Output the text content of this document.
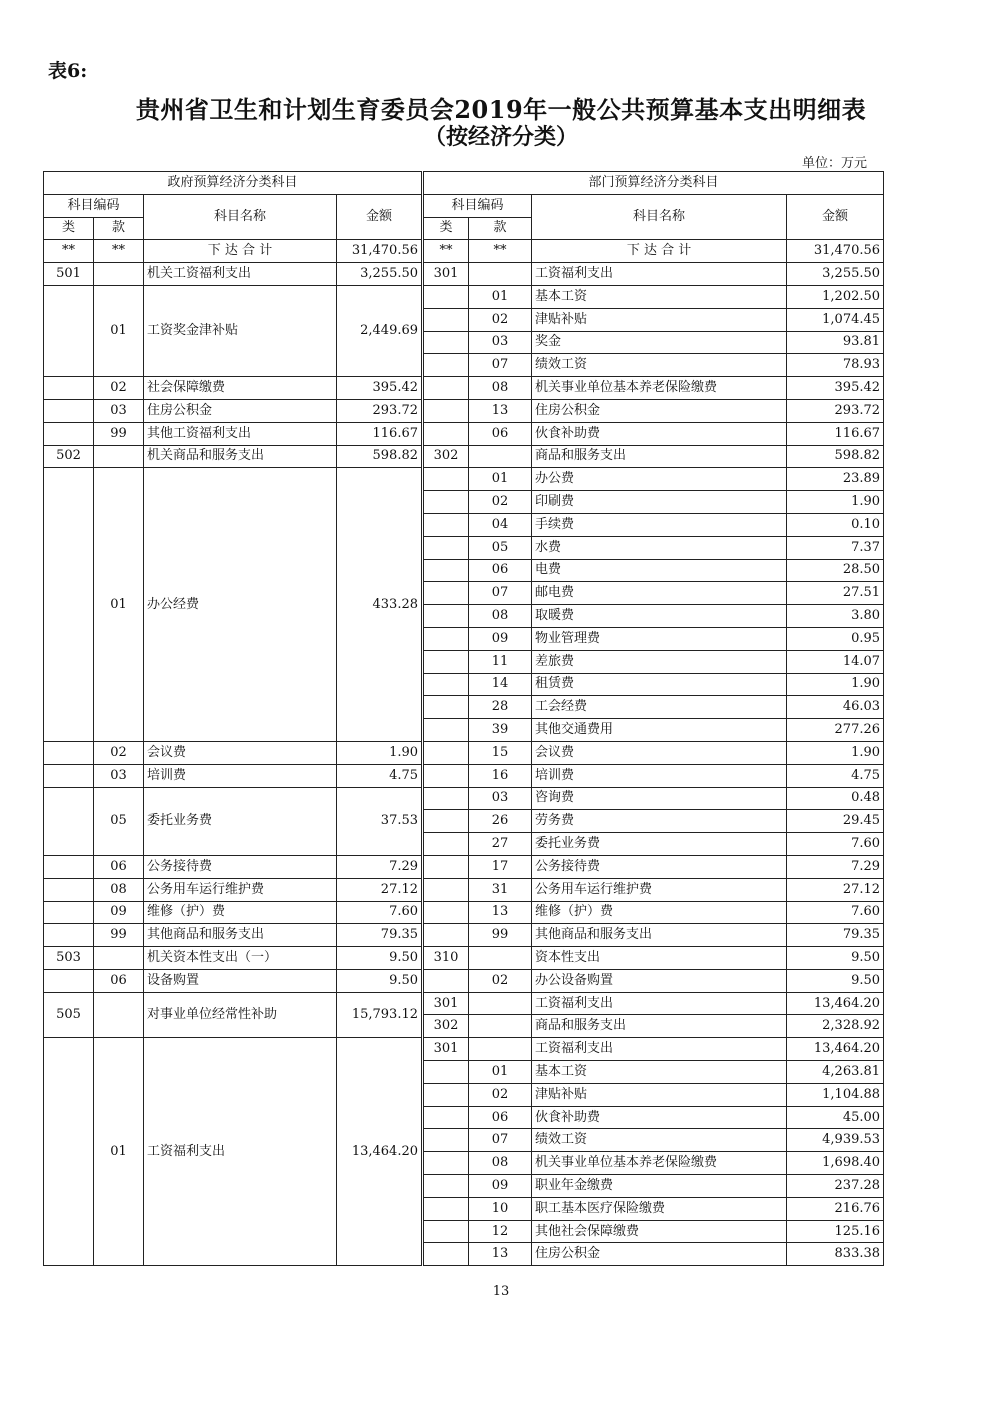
表6:
贵州省卫生和计划生育委员会2019年一般公共预算基本支出明细表
（按经济分类）
单位：万元
政府预算经济分类科目				部门预算经济分类科目			
科目编码		科目名称	金额	科目编码		科目名称	金额
类	款			类	款		
**	**	下 达 合 计	31,470.56	**	**	下 达 合 计	31,470.56
501		机关工资福利支出	3,255.50	301		工资福利支出	3,255.50
	01	工资奖金津补贴	2,449.69		01	基本工资	1,202.50
					02	津贴补贴	1,074.45
					03	奖金	93.81
					07	绩效工资	78.93
	02	社会保障缴费	395.42		08	机关事业单位基本养老保险缴费	395.42
	03	住房公积金	293.72		13	住房公积金	293.72
	99	其他工资福利支出	116.67		06	伙食补助费	116.67
502		机关商品和服务支出	598.82	302		商品和服务支出	598.82
	01	办公经费	433.28		01	办公费	23.89
					02	印刷费	1.90
					04	手续费	0.10
					05	水费	7.37
					06	电费	28.50
					07	邮电费	27.51
					08	取暖费	3.80
					09	物业管理费	0.95
					11	差旅费	14.07
					14	租赁费	1.90
					28	工会经费	46.03
					39	其他交通费用	277.26
	02	会议费	1.90		15	会议费	1.90
	03	培训费	4.75		16	培训费	4.75
	05	委托业务费	37.53		03	咨询费	0.48
					26	劳务费	29.45
					27	委托业务费	7.60
	06	公务接待费	7.29		17	公务接待费	7.29
	08	公务用车运行维护费	27.12		31	公务用车运行维护费	27.12
	09	维修（护）费	7.60		13	维修（护）费	7.60
	99	其他商品和服务支出	79.35		99	其他商品和服务支出	79.35
503		机关资本性支出（一）	9.50	310		资本性支出	9.50
	06	设备购置	9.50		02	办公设备购置	9.50
505		对事业单位经常性补助	15,793.12	301		工资福利支出	13,464.20
				302		商品和服务支出	2,328.92
	01	工资福利支出	13,464.20	301		工资福利支出	13,464.20
					01	基本工资	4,263.81
					02	津贴补贴	1,104.88
					06	伙食补助费	45.00
					07	绩效工资	4,939.53
					08	机关事业单位基本养老保险缴费	1,698.40
					09	职业年金缴费	237.28
					10	职工基本医疗保险缴费	216.76
					12	其他社会保障缴费	125.16
					13	住房公积金	833.38
13
